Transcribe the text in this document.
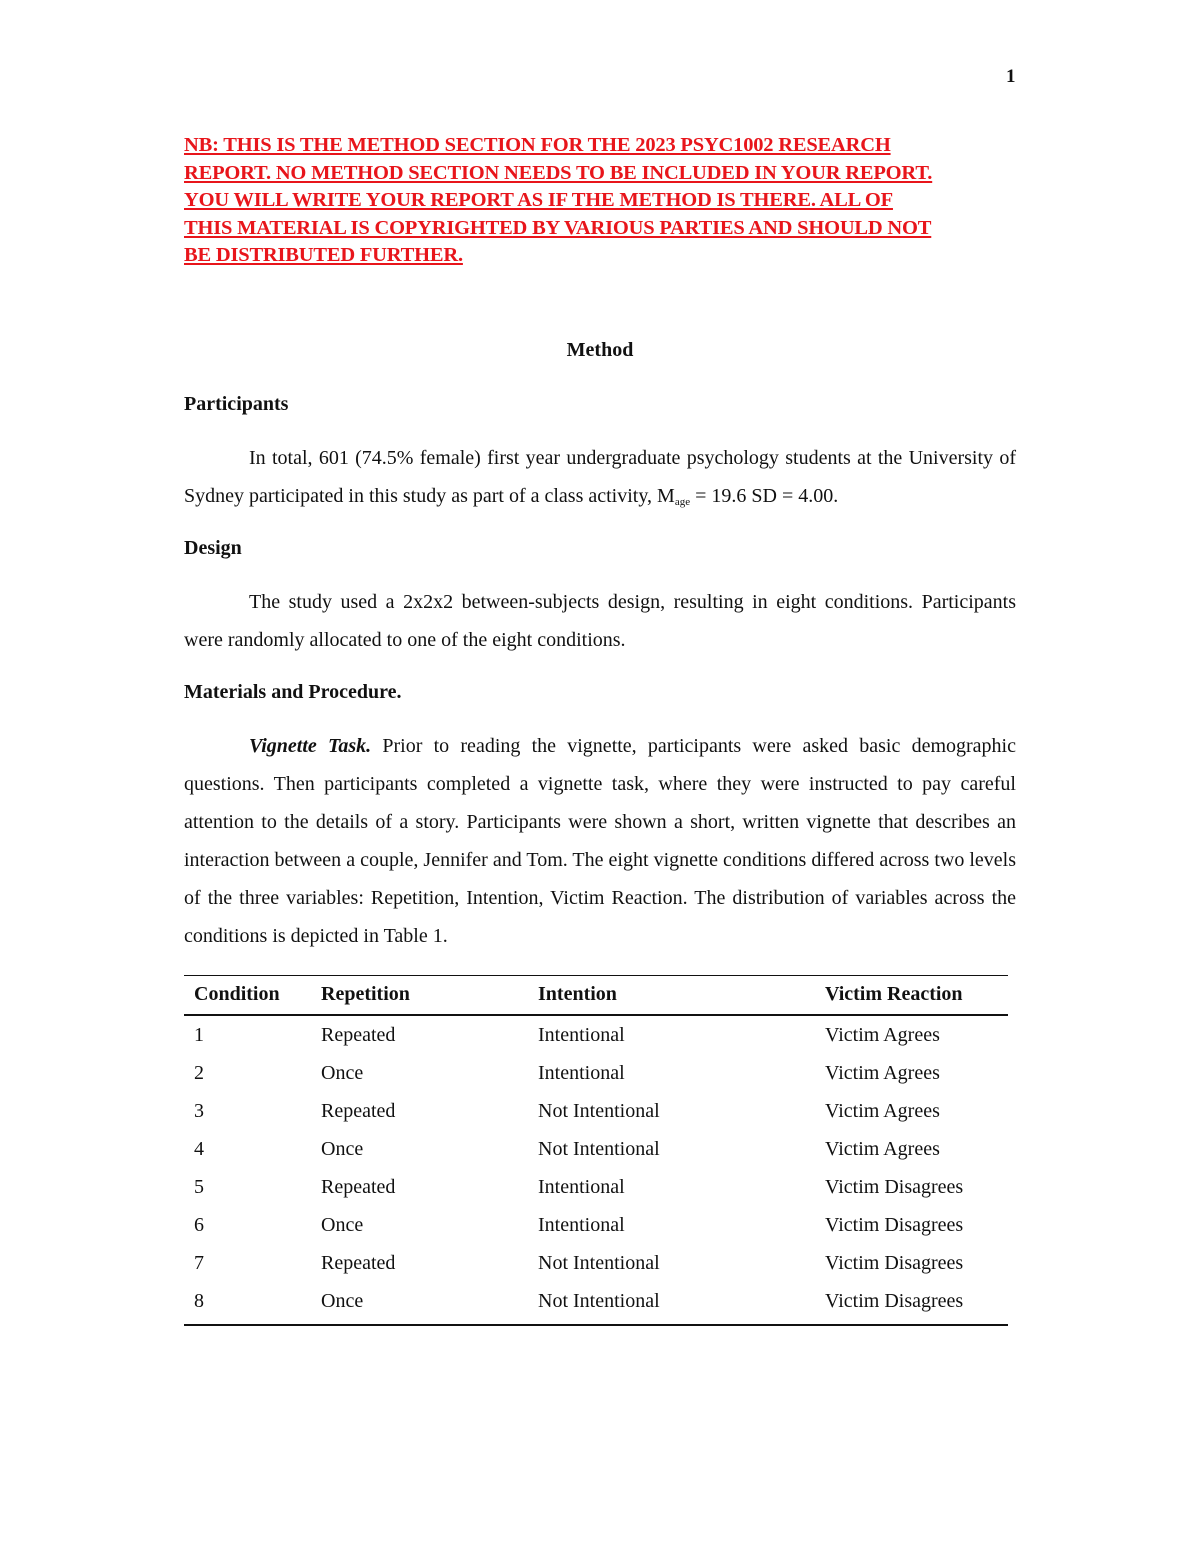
1
NB: THIS IS THE METHOD SECTION FOR THE 2023 PSYC1002 RESEARCH
REPORT. NO METHOD SECTION NEEDS TO BE INCLUDED IN YOUR REPORT.
YOU WILL WRITE YOUR REPORT AS IF THE METHOD IS THERE. ALL OF
THIS MATERIAL IS COPYRIGHTED BY VARIOUS PARTIES AND SHOULD NOT
BE DISTRIBUTED FURTHER.
Method
Participants

In total, 601 (74.5% female) first year undergraduate psychology students at the University of Sydney participated in this study as part of a class activity, $M_{age} = 19.6$ SD = 4.00.

Design

The study used a 2x2x2 between-subjects design, resulting in eight conditions. Participants were randomly allocated to one of the eight conditions.

Materials and Procedure.

Vignette Task. Prior to reading the vignette, participants were asked basic demographic questions. Then participants completed a vignette task, where they were instructed to pay careful attention to the details of a story. Participants were shown a short, written vignette that describes an interaction between a couple, Jennifer and Tom. The eight vignette conditions differed across two levels of the three variables: Repetition, Intention, Victim Reaction. The distribution of variables across the conditions is depicted in Table 1.

Condition	Repetition	Intention	Victim Reaction
1	Repeated	Intentional	Victim Agrees
2	Once	Intentional	Victim Agrees
3	Repeated	Not Intentional	Victim Agrees
4	Once	Not Intentional	Victim Agrees
5	Repeated	Intentional	Victim Disagrees
6	Once	Intentional	Victim Disagrees
7	Repeated	Not Intentional	Victim Disagrees
8	Once	Not Intentional	Victim Disagrees
